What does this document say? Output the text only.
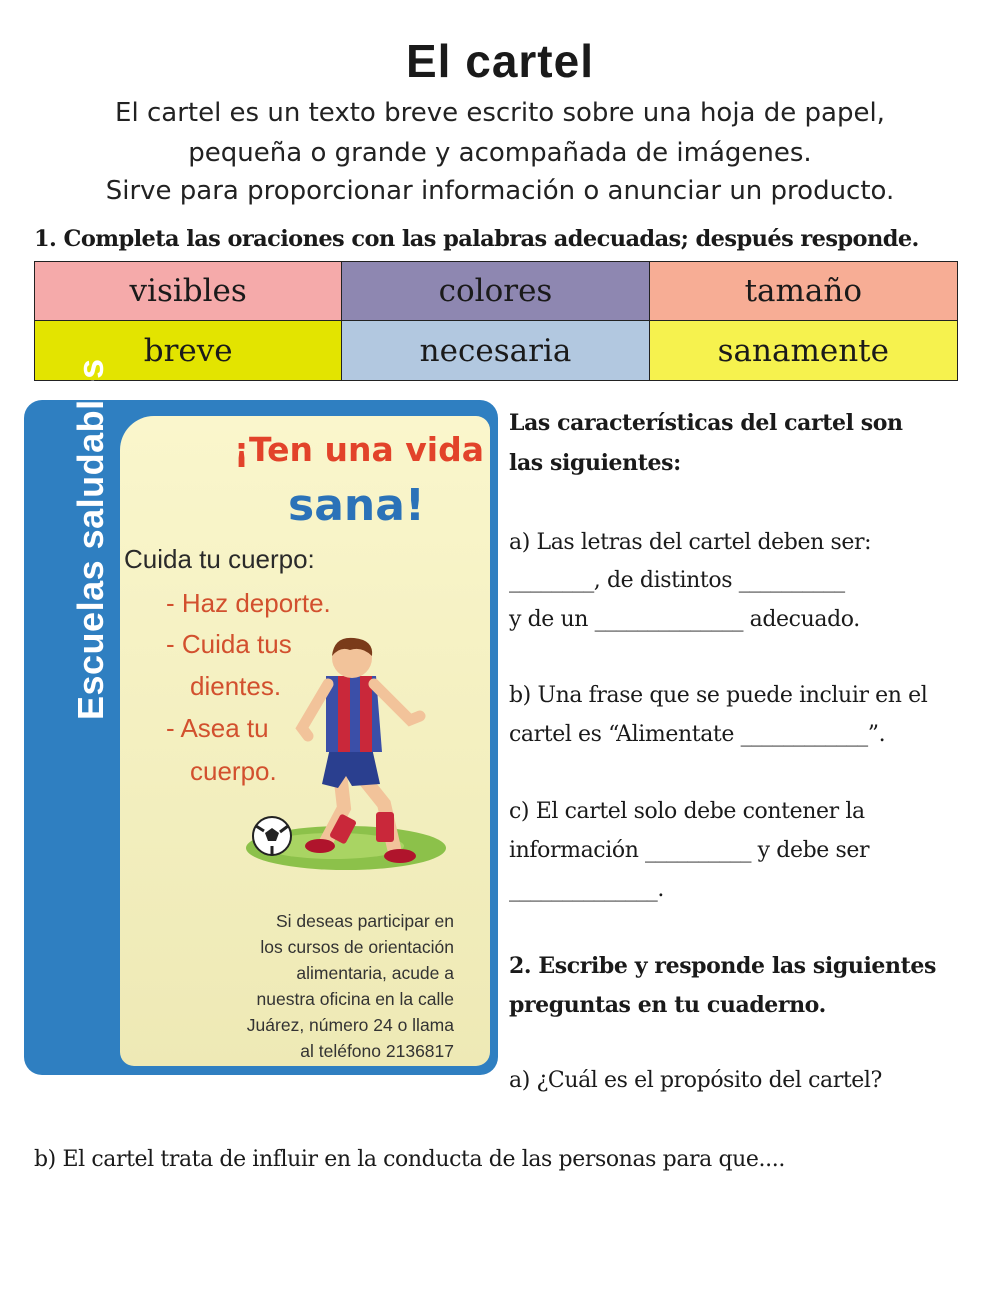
El cartel
El cartel es un texto breve escrito sobre una hoja de papel,
pequeña o grande y acompañada de imágenes.
Sirve para proporcionar información o anunciar un producto.
1. Completa las oraciones con las palabras adecuadas; después responde.
visibles	colores	tamaño
breve	necesaria	sanamente
Escuelas saludables	¡Ten una vida
sana!
Cuida tu cuerpo:
- Haz deporte.
- Cuida tus
dientes.
- Asea tu
cuerpo.
Si deseas participar en
los cursos de orientación
alimentaria, acude a
nuestra oficina en la calle
Juárez, número 24 o llama
al teléfono 2136817
Las características del cartel son
las siguientes:
a) Las letras del cartel deben ser:
________, de distintos __________
y de un ______________ adecuado.
b) Una frase que se puede incluir en el
cartel es “Alimentate ____________”.
c) El cartel solo debe contener la
información __________ y debe ser
______________.
2. Escribe y responde las siguientes
preguntas en tu cuaderno.
a) ¿Cuál es el propósito del cartel?
b) El cartel trata de influir en la conducta de las personas para que....
